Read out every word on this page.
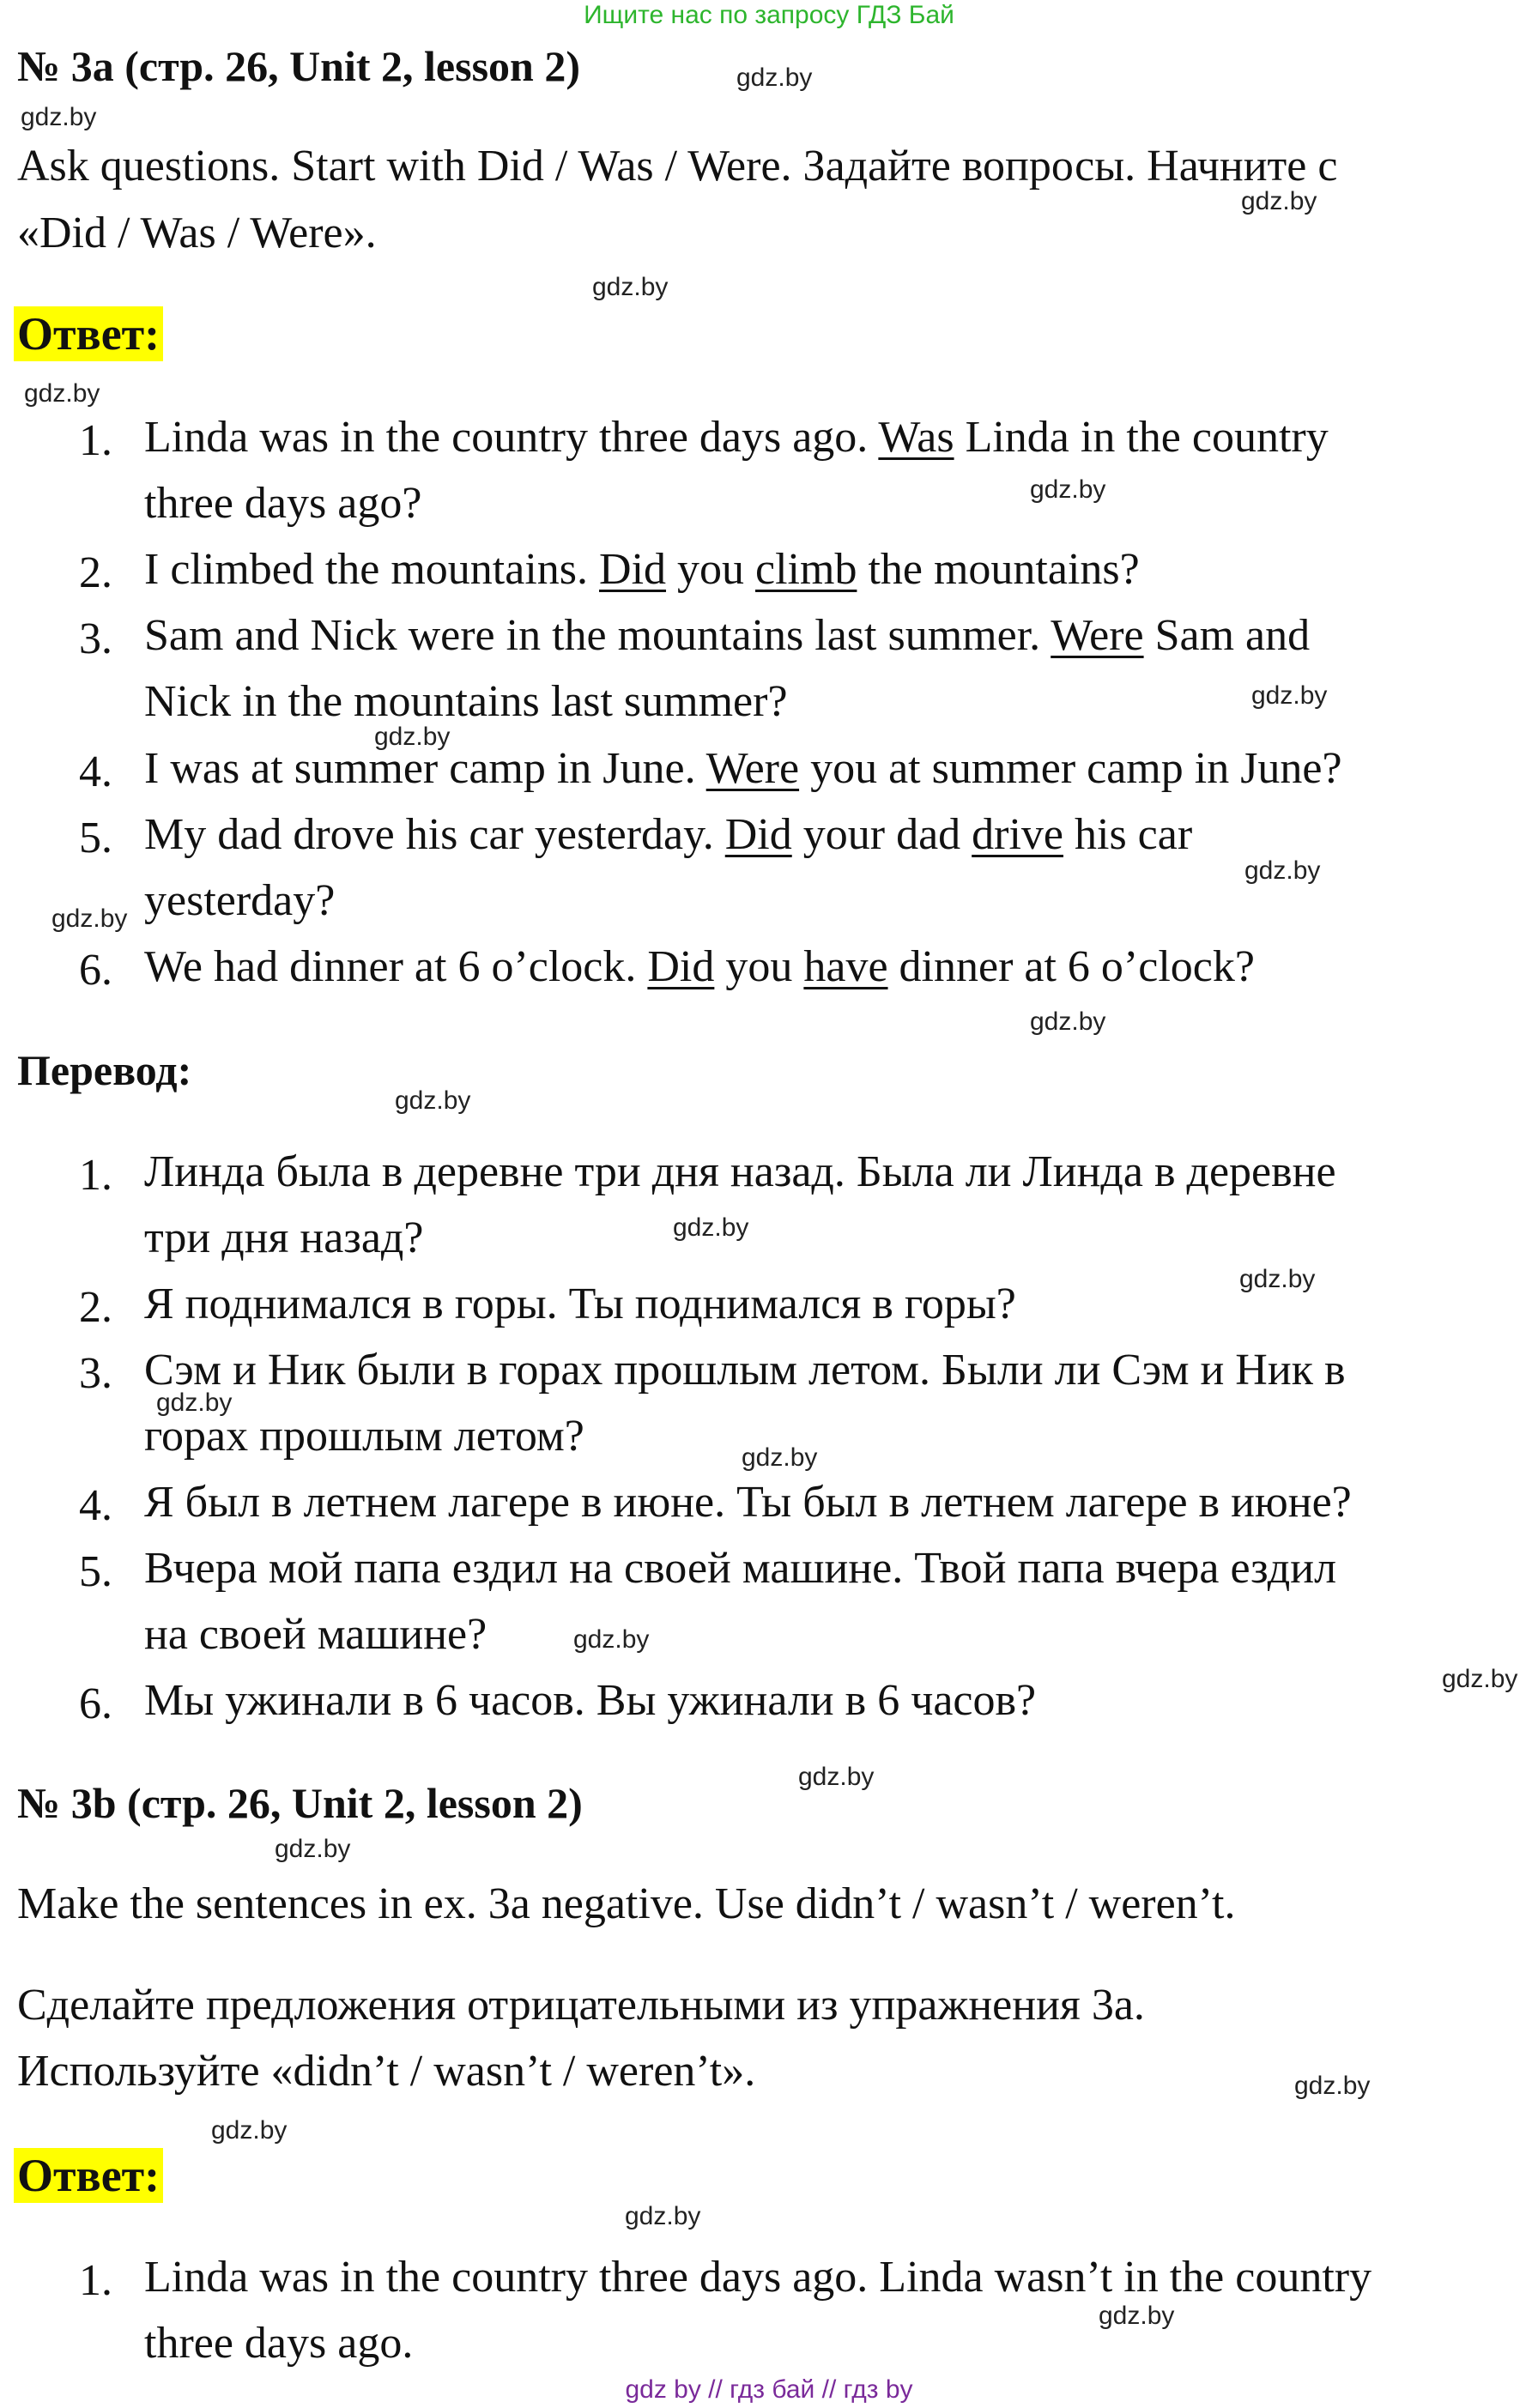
Ищите нас по запросу ГДЗ Бай
gdz by // гдз бай // гдз by
№ 3a (стр. 26, Unit 2, lesson 2)
Ask questions. Start with Did / Was / Were. Задайте вопросы. Начните с
«Did / Was / Were».
Ответ:
1. Linda was in the country three days ago. Was Linda in the country
three days ago?
2. I climbed the mountains. Did you climb the mountains?
3. Sam and Nick were in the mountains last summer. Were Sam and
Nick in the mountains last summer?
4. I was at summer camp in June. Were you at summer camp in June?
5. My dad drove his car yesterday. Did your dad drive his car
yesterday?
6. We had dinner at 6 o’clock. Did you have dinner at 6 o’clock?
Перевод:
1. Линда была в деревне три дня назад. Была ли Линда в деревне
три дня назад?
2. Я поднимался в горы. Ты поднимался в горы?
3. Сэм и Ник были в горах прошлым летом. Были ли Сэм и Ник в
горах прошлым летом?
4. Я был в летнем лагере в июне. Ты был в летнем лагере в июне?
5. Вчера мой папа ездил на своей машине. Твой папа вчера ездил
на своей машине?
6. Мы ужинали в 6 часов. Вы ужинали в 6 часов?
№ 3b (стр. 26, Unit 2, lesson 2)
Make the sentences in ex. 3a negative. Use didn’t / wasn’t / weren’t.
Сделайте предложения отрицательными из упражнения 3a.
Используйте «didn’t / wasn’t / weren’t».
Ответ:
1. Linda was in the country three days ago. Linda wasn’t in the country
three days ago.
gdz.by
gdz.by
gdz.by
gdz.by
gdz.by
gdz.by
gdz.by
gdz.by
gdz.by
gdz.by
gdz.by
gdz.by
gdz.by
gdz.by
gdz.by
gdz.by
gdz.by
gdz.by
gdz.by
gdz.by
gdz.by
gdz.by
gdz.by
gdz.by
